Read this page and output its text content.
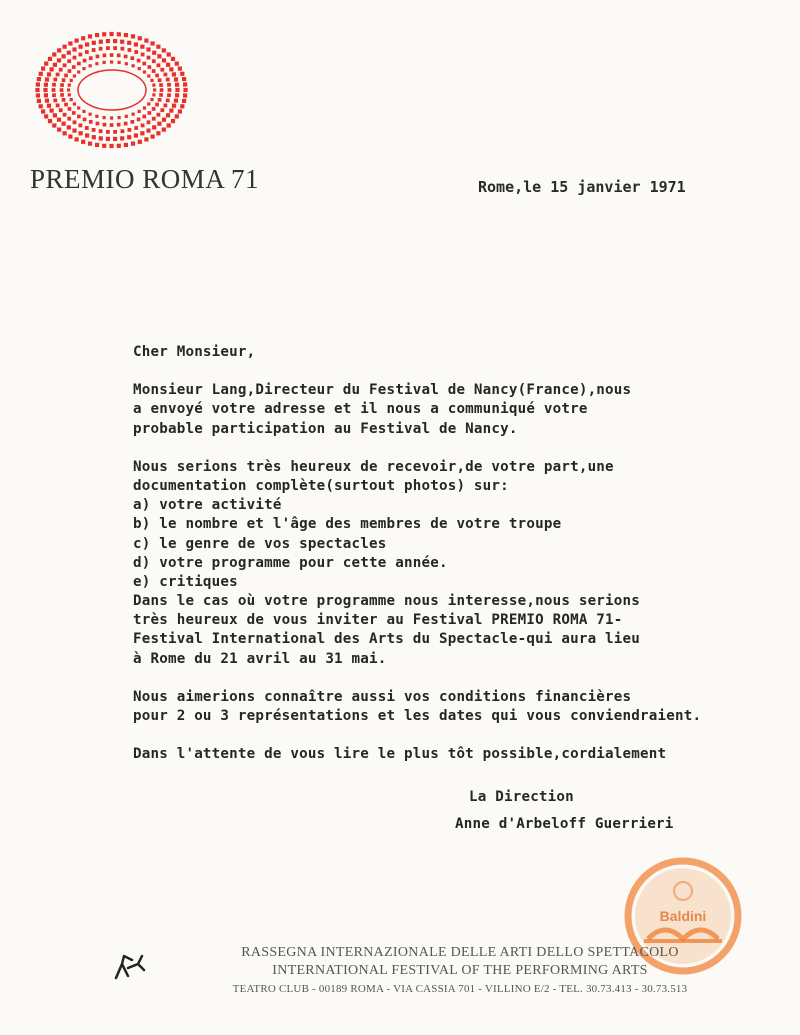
PREMIO ROMA 71	Rome,le 15 janvier 1971
Cher Monsieur,
Monsieur Lang,Directeur du Festival de Nancy(France),nous
a envoyé votre adresse et il nous a communiqué votre
probable participation au Festival de Nancy.
Nous serions très heureux de recevoir,de votre part,une
documentation complète(surtout photos) sur:
a) votre activité
b) le nombre et l'âge des membres de votre troupe
c) le genre de vos spectacles
d) votre programme pour cette année.
e) critiques
Dans le cas où votre programme nous interesse,nous serions
très heureux de vous inviter au Festival PREMIO ROMA 71-
Festival International des Arts du Spectacle-qui aura lieu
à Rome du 21 avril au 31 mai.
Nous aimerions connaître aussi vos conditions financières
pour 2 ou 3 représentations et les dates qui vous conviendraient.
Dans l'attente de vous lire le plus tôt possible,cordialement
La Direction
Anne d'Arbeloff Guerrieri
Baldini
RASSEGNA INTERNAZIONALE DELLE ARTI DELLO SPETTACOLO
INTERNATIONAL FESTIVAL OF THE PERFORMING ARTS
TEATRO CLUB - 00189 ROMA - VIA CASSIA 701 - VILLINO E/2 - TEL. 30.73.413 - 30.73.513
